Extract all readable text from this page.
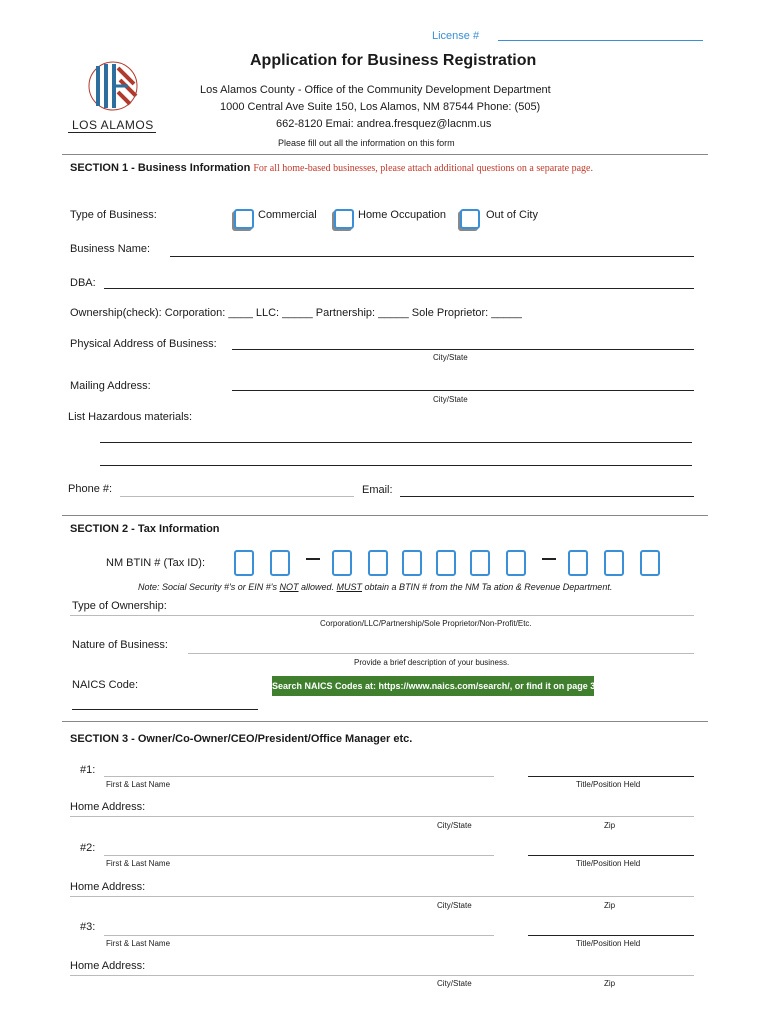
License #
LOS ALAMOS
Application for Business Registration
Los Alamos County - Office of the Community Development Department
1000 Central Ave Suite 150, Los Alamos, NM 87544 Phone: (505)
662-8120 Emai: andrea.fresquez@lacnm.us
Please fill out all the information on this form
SECTION 1 - Business Information For all home-based businesses, please attach additional questions on a separate page.
Type of Business:	Commercial	Home Occupation	Out of City
Business Name:
DBA:
Ownership(check): Corporation: ____ LLC: _____ Partnership: _____ Sole Proprietor: _____
Physical Address of Business:
City/State
Mailing Address:
City/State
List Hazardous materials:
Phone #:	Email:
SECTION 2 - Tax Information
NM BTIN # (Tax ID):
Note: Social Security #'s or EIN #'s NOT allowed. MUST obtain a BTIN # from the NM Ta ation & Revenue Department.
Type of Ownership:
Corporation/LLC/Partnership/Sole Proprietor/Non-Profit/Etc.
Nature of Business:
Provide a brief description of your business.
NAICS Code:	Search NAICS Codes at: https://www.naics.com/search/, or find it on page 3
SECTION 3 - Owner/Co-Owner/CEO/President/Office Manager etc.
#1:
First & Last Name	Title/Position Held
Home Address:
City/State	Zip
#2:
First & Last Name	Title/Position Held
Home Address:
City/State	Zip
#3:
First & Last Name	Title/Position Held
Home Address:
City/State	Zip
